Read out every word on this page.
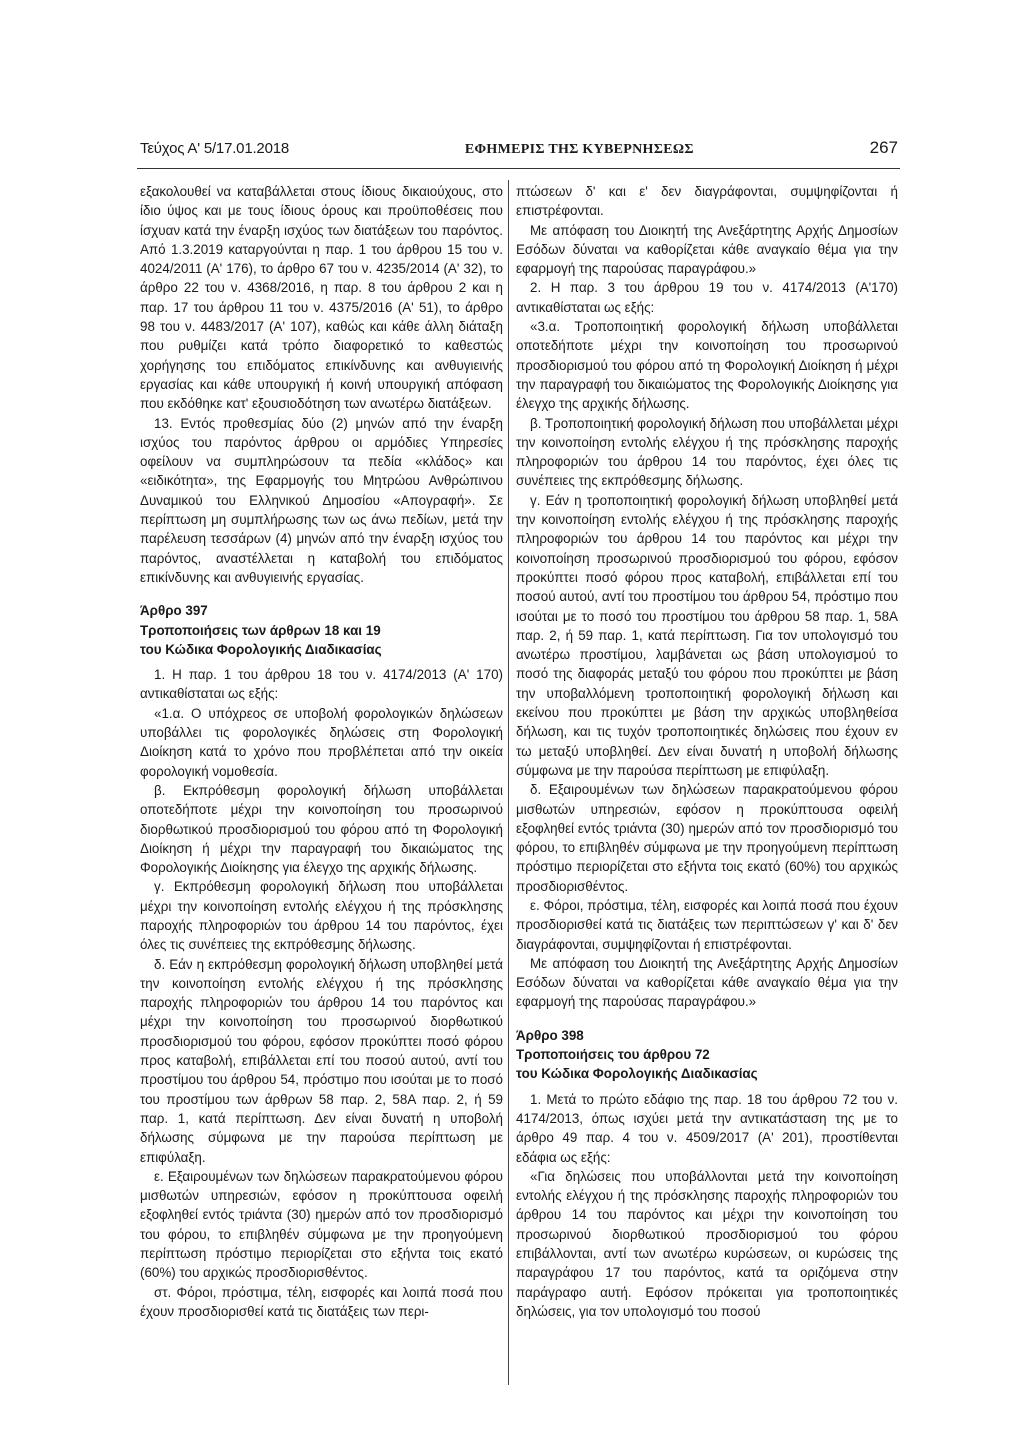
Τεύχος Α' 5/17.01.2018	ΕΦΗΜΕΡΙΣ ΤΗΣ ΚΥΒΕΡΝΗΣΕΩΣ	267

εξακολουθεί να καταβάλλεται στους ίδιους δικαιούχους, στο ίδιο ύψος και με τους ίδιους όρους και προϋποθέσεις που ίσχυαν κατά την έναρξη ισχύος των διατάξεων του παρόντος. Από 1.3.2019 καταργούνται η παρ. 1 του άρθρου 15 του ν. 4024/2011 (Α' 176), το άρθρο 67 του ν. 4235/2014 (Α' 32), το άρθρο 22 του ν. 4368/2016, η παρ. 8 του άρθρου 2 και η παρ. 17 του άρθρου 11 του ν. 4375/2016 (Α' 51), το άρθρο 98 του ν. 4483/2017 (Α' 107), καθώς και κάθε άλλη διάταξη που ρυθμίζει κατά τρόπο διαφορετικό το καθεστώς χορήγησης του επιδόματος επικίνδυνης και ανθυγιεινής εργασίας και κάθε υπουργική ή κοινή υπουργική απόφαση που εκδόθηκε κατ' εξουσιοδότηση των ανωτέρω διατάξεων.

13. Εντός προθεσμίας δύο (2) μηνών από την έναρξη ισχύος του παρόντος άρθρου οι αρμόδιες Υπηρεσίες οφείλουν να συμπληρώσουν τα πεδία «κλάδος» και «ειδικότητα», της Εφαρμογής του Μητρώου Ανθρώπινου Δυναμικού του Ελληνικού Δημοσίου «Απογραφή». Σε περίπτωση μη συμπλήρωσης των ως άνω πεδίων, μετά την παρέλευση τεσσάρων (4) μηνών από την έναρξη ισχύος του παρόντος, αναστέλλεται η καταβολή του επιδόματος επικίνδυνης και ανθυγιεινής εργασίας.

Άρθρο 397
Τροποποιήσεις των άρθρων 18 και 19
του Κώδικα Φορολογικής Διαδικασίας

1. Η παρ. 1 του άρθρου 18 του ν. 4174/2013 (Α' 170) αντικαθίσταται ως εξής:

«1.α. Ο υπόχρεος σε υποβολή φορολογικών δηλώσεων υποβάλλει τις φορολογικές δηλώσεις στη Φορολογική Διοίκηση κατά το χρόνο που προβλέπεται από την οικεία φορολογική νομοθεσία.

β. Εκπρόθεσμη φορολογική δήλωση υποβάλλεται οποτεδήποτε μέχρι την κοινοποίηση του προσωρινού διορθωτικού προσδιορισμού του φόρου από τη Φορολογική Διοίκηση ή μέχρι την παραγραφή του δικαιώματος της Φορολογικής Διοίκησης για έλεγχο της αρχικής δήλωσης.

γ. Εκπρόθεσμη φορολογική δήλωση που υποβάλλεται μέχρι την κοινοποίηση εντολής ελέγχου ή της πρόσκλησης παροχής πληροφοριών του άρθρου 14 του παρόντος, έχει όλες τις συνέπειες της εκπρόθεσμης δήλωσης.

δ. Εάν η εκπρόθεσμη φορολογική δήλωση υποβληθεί μετά την κοινοποίηση εντολής ελέγχου ή της πρόσκλησης παροχής πληροφοριών του άρθρου 14 του παρόντος και μέχρι την κοινοποίηση του προσωρινού διορθωτικού προσδιορισμού του φόρου, εφόσον προκύπτει ποσό φόρου προς καταβολή, επιβάλλεται επί του ποσού αυτού, αντί του προστίμου του άρθρου 54, πρόστιμο που ισούται με το ποσό του προστίμου των άρθρων 58 παρ. 2, 58Α παρ. 2, ή 59 παρ. 1, κατά περίπτωση. Δεν είναι δυνατή η υποβολή δήλωσης σύμφωνα με την παρούσα περίπτωση με επιφύλαξη.

ε. Εξαιρουμένων των δηλώσεων παρακρατούμενου φόρου μισθωτών υπηρεσιών, εφόσον η προκύπτουσα οφειλή εξοφληθεί εντός τριάντα (30) ημερών από τον προσδιορισμό του φόρου, το επιβληθέν σύμφωνα με την προηγούμενη περίπτωση πρόστιμο περιορίζεται στο εξήντα τοις εκατό (60%) του αρχικώς προσδιορισθέντος.

στ. Φόροι, πρόστιμα, τέλη, εισφορές και λοιπά ποσά που έχουν προσδιορισθεί κατά τις διατάξεις των περι-

πτώσεων δ' και ε' δεν διαγράφονται, συμψηφίζονται ή επιστρέφονται.

Με απόφαση του Διοικητή της Ανεξάρτητης Αρχής Δημοσίων Εσόδων δύναται να καθορίζεται κάθε αναγκαίο θέμα για την εφαρμογή της παρούσας παραγράφου.»

2. Η παρ. 3 του άρθρου 19 του ν. 4174/2013 (Α'170) αντικαθίσταται ως εξής:

«3.α. Τροποποιητική φορολογική δήλωση υποβάλλεται οποτεδήποτε μέχρι την κοινοποίηση του προσωρινού προσδιορισμού του φόρου από τη Φορολογική Διοίκηση ή μέχρι την παραγραφή του δικαιώματος της Φορολογικής Διοίκησης για έλεγχο της αρχικής δήλωσης.

β. Τροποποιητική φορολογική δήλωση που υποβάλλεται μέχρι την κοινοποίηση εντολής ελέγχου ή της πρόσκλησης παροχής πληροφοριών του άρθρου 14 του παρόντος, έχει όλες τις συνέπειες της εκπρόθεσμης δήλωσης.

γ. Εάν η τροποποιητική φορολογική δήλωση υποβληθεί μετά την κοινοποίηση εντολής ελέγχου ή της πρόσκλησης παροχής πληροφοριών του άρθρου 14 του παρόντος και μέχρι την κοινοποίηση προσωρινού προσδιορισμού του φόρου, εφόσον προκύπτει ποσό φόρου προς καταβολή, επιβάλλεται επί του ποσού αυτού, αντί του προστίμου του άρθρου 54, πρόστιμο που ισούται με το ποσό του προστίμου του άρθρου 58 παρ. 1, 58Α παρ. 2, ή 59 παρ. 1, κατά περίπτωση. Για τον υπολογισμό του ανωτέρω προστίμου, λαμβάνεται ως βάση υπολογισμού το ποσό της διαφοράς μεταξύ του φόρου που προκύπτει με βάση την υποβαλλόμενη τροποποιητική φορολογική δήλωση και εκείνου που προκύπτει με βάση την αρχικώς υποβληθείσα δήλωση, και τις τυχόν τροποποιητικές δηλώσεις που έχουν εν τω μεταξύ υποβληθεί. Δεν είναι δυνατή η υποβολή δήλωσης σύμφωνα με την παρούσα περίπτωση με επιφύλαξη.

δ. Εξαιρουμένων των δηλώσεων παρακρατούμενου φόρου μισθωτών υπηρεσιών, εφόσον η προκύπτουσα οφειλή εξοφληθεί εντός τριάντα (30) ημερών από τον προσδιορισμό του φόρου, το επιβληθέν σύμφωνα με την προηγούμενη περίπτωση πρόστιμο περιορίζεται στο εξήντα τοις εκατό (60%) του αρχικώς προσδιορισθέντος.

ε. Φόροι, πρόστιμα, τέλη, εισφορές και λοιπά ποσά που έχουν προσδιορισθεί κατά τις διατάξεις των περιπτώσεων γ' και δ' δεν διαγράφονται, συμψηφίζονται ή επιστρέφονται.

Με απόφαση του Διοικητή της Ανεξάρτητης Αρχής Δημοσίων Εσόδων δύναται να καθορίζεται κάθε αναγκαίο θέμα για την εφαρμογή της παρούσας παραγράφου.»

Άρθρο 398
Τροποποιήσεις του άρθρου 72
του Κώδικα Φορολογικής Διαδικασίας

1. Μετά το πρώτο εδάφιο της παρ. 18 του άρθρου 72 του ν. 4174/2013, όπως ισχύει μετά την αντικατάσταση της με το άρθρο 49 παρ. 4 του ν. 4509/2017 (Α' 201), προστίθενται εδάφια ως εξής:

«Για δηλώσεις που υποβάλλονται μετά την κοινοποίηση εντολής ελέγχου ή της πρόσκλησης παροχής πληροφοριών του άρθρου 14 του παρόντος και μέχρι την κοινοποίηση του προσωρινού διορθωτικού προσδιορισμού του φόρου επιβάλλονται, αντί των ανωτέρω κυρώσεων, οι κυρώσεις της παραγράφου 17 του παρόντος, κατά τα οριζόμενα στην παράγραφο αυτή. Εφόσον πρόκειται για τροποποιητικές δηλώσεις, για τον υπολογισμό του ποσού
